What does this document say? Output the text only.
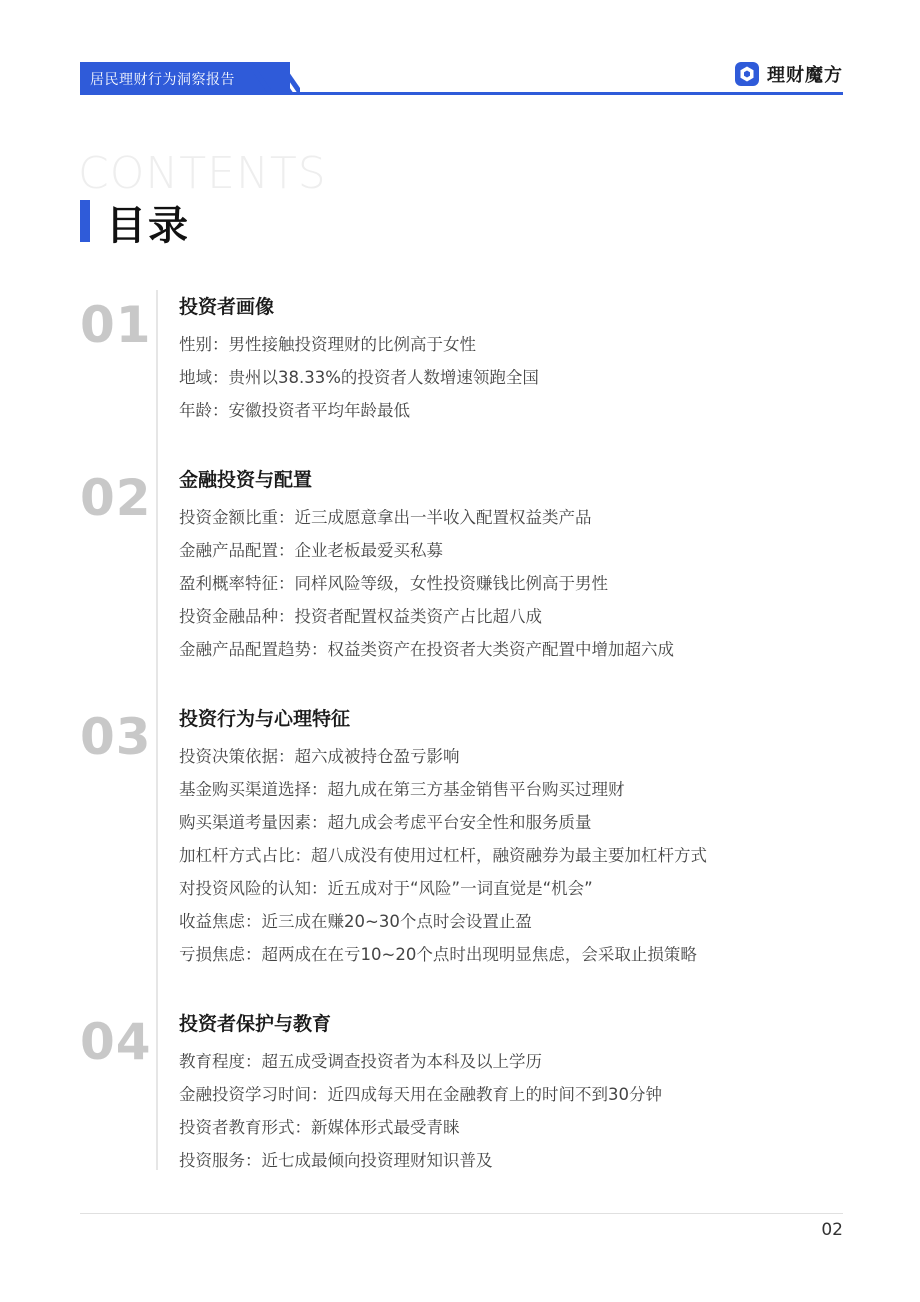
居民理财行为洞察报告	理财魔方
CONTENTS
目录
01 投资者画像
性别：男性接触投资理财的比例高于女性
地域：贵州以38.33%的投资者人数增速领跑全国
年龄：安徽投资者平均年龄最低
02 金融投资与配置
投资金额比重：近三成愿意拿出一半收入配置权益类产品
金融产品配置：企业老板最爱买私募
盈利概率特征：同样风险等级，女性投资赚钱比例高于男性
投资金融品种：投资者配置权益类资产占比超八成
金融产品配置趋势：权益类资产在投资者大类资产配置中增加超六成
03 投资行为与心理特征
投资决策依据：超六成被持仓盈亏影响
基金购买渠道选择：超九成在第三方基金销售平台购买过理财
购买渠道考量因素：超九成会考虑平台安全性和服务质量
加杠杆方式占比：超八成没有使用过杠杆，融资融券为最主要加杠杆方式
对投资风险的认知：近五成对于“风险”一词直觉是“机会”
收益焦虑：近三成在赚20~30个点时会设置止盈
亏损焦虑：超两成在在亏10~20个点时出现明显焦虑，会采取止损策略
04 投资者保护与教育
教育程度：超五成受调查投资者为本科及以上学历
金融投资学习时间：近四成每天用在金融教育上的时间不到30分钟
投资者教育形式：新媒体形式最受青睐
投资服务：近七成最倾向投资理财知识普及
02
